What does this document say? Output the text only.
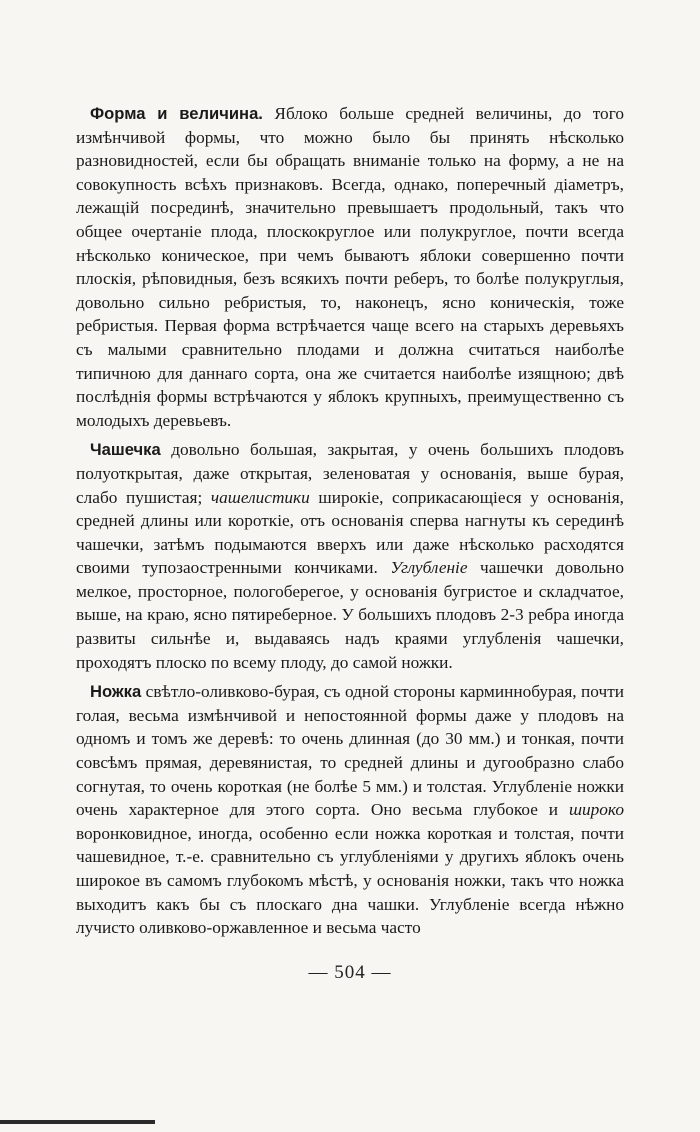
Форма и величина. Яблоко больше средней величины, до того измѣнчивой формы, что можно было бы принять нѣсколько разновидностей, если бы обращать вниманіе только на форму, а не на совокупность всѣхъ признаковъ. Всегда, однако, поперечный діаметръ, лежащій посрединѣ, значительно превышаетъ продольный, такъ что общее очертаніе плода, плоскокруглое или полукруглое, почти всегда нѣсколько коническое, при чемъ бываютъ яблоки совершенно почти плоскія, рѣповидныя, безъ всякихъ почти реберъ, то болѣе полукруглыя, довольно сильно ребристыя, то, наконецъ, ясно коническія, тоже ребристыя. Первая форма встрѣчается чаще всего на старыхъ деревьяхъ съ малыми сравнительно плодами и должна считаться наиболѣе типичною для даннаго сорта, она же считается наиболѣе изящною; двѣ послѣднія формы встрѣчаются у яблокъ крупныхъ, преимущественно съ молодыхъ деревьевъ.

Чашечка довольно большая, закрытая, у очень большихъ плодовъ полуоткрытая, даже открытая, зеленоватая у основанія, выше бурая, слабо пушистая; чашелистики широкіе, соприкасающіеся у основанія, средней длины или короткіе, отъ основанія сперва нагнуты къ серединѣ чашечки, затѣмъ подымаются вверхъ или даже нѣсколько расходятся своими тупозаостренными кончиками. Углубленіе чашечки довольно мелкое, просторное, пологоберегое, у основанія бугристое и складчатое, выше, на краю, ясно пятиреберное. У большихъ плодовъ 2-3 ребра иногда развиты сильнѣе и, выдаваясь надъ краями углубленія чашечки, проходятъ плоско по всему плоду, до самой ножки.

Ножка свѣтло-оливково-бурая, съ одной стороны карминнобурая, почти голая, весьма измѣнчивой и непостоянной формы даже у плодовъ на одномъ и томъ же деревѣ: то очень длинная (до 30 мм.) и тонкая, почти совсѣмъ прямая, деревянистая, то средней длины и дугообразно слабо согнутая, то очень короткая (не болѣе 5 мм.) и толстая. Углубленіе ножки очень характерное для этого сорта. Оно весьма глубокое и широко воронковидное, иногда, особенно если ножка короткая и толстая, почти чашевидное, т.-е. сравнительно съ углубленіями у другихъ яблокъ очень широкое въ самомъ глубокомъ мѣстѣ, у основанія ножки, такъ что ножка выходитъ какъ бы съ плоскаго дна чашки. Углубленіе всегда нѣжно лучисто оливково-оржавленное и весьма часто

— 504 —
